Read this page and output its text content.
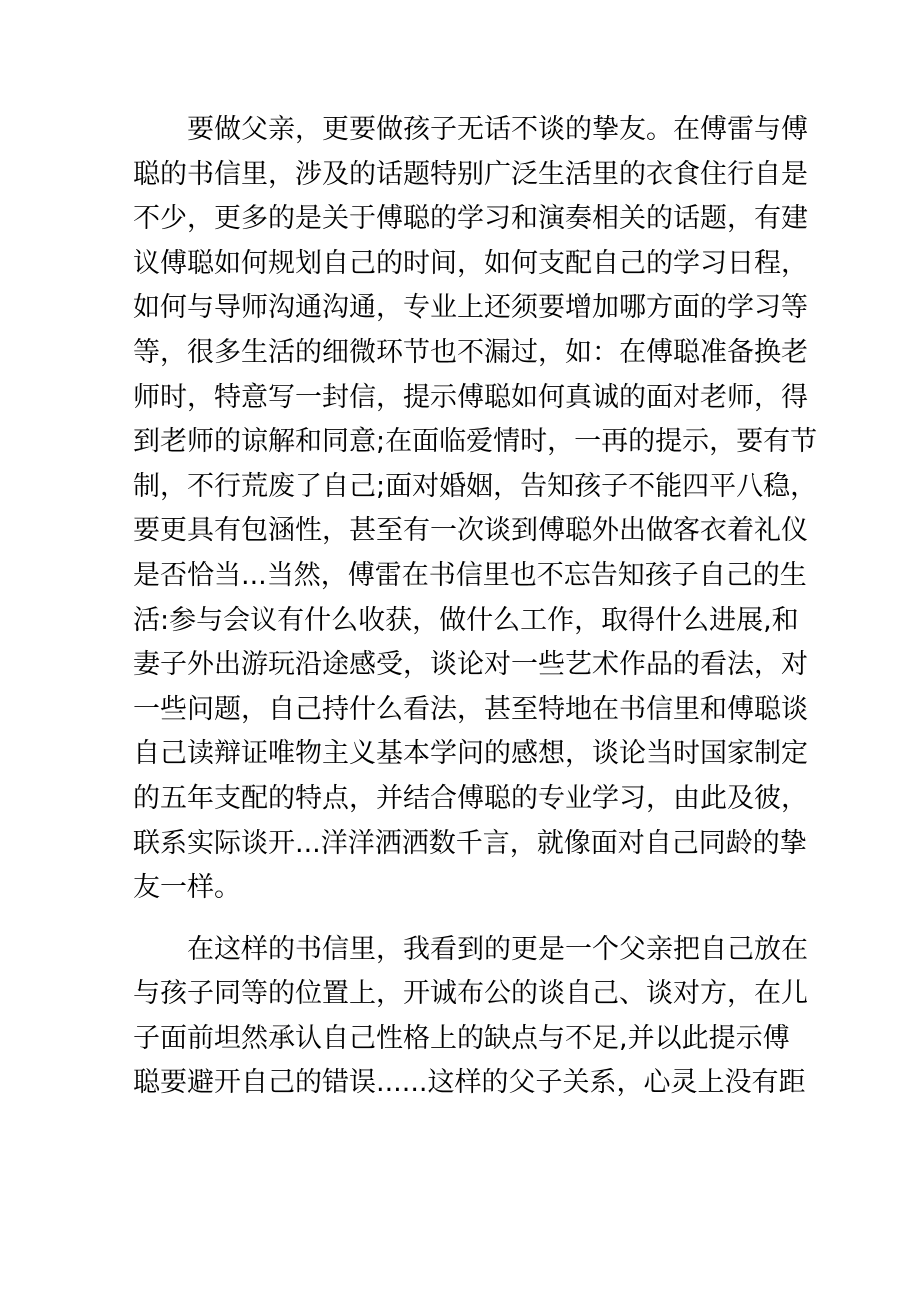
要做父亲，更要做孩子无话不谈的挚友。在傅雷与傅
聪的书信里，涉及的话题特别广泛生活里的衣食住行自是
不少，更多的是关于傅聪的学习和演奏相关的话题，有建
议傅聪如何规划自己的时间，如何支配自己的学习日程，
如何与导师沟通沟通，专业上还须要增加哪方面的学习等
等，很多生活的细微环节也不漏过，如：在傅聪准备换老
师时，特意写一封信，提示傅聪如何真诚的面对老师，得
到老师的谅解和同意;在面临爱情时，一再的提示，要有节
制，不行荒废了自己;面对婚姻，告知孩子不能四平八稳，
要更具有包涵性，甚至有一次谈到傅聪外出做客衣着礼仪
是否恰当...当然，傅雷在书信里也不忘告知孩子自己的生
活:参与会议有什么收获，做什么工作，取得什么进展,和
妻子外出游玩沿途感受，谈论对一些艺术作品的看法，对
一些问题，自己持什么看法，甚至特地在书信里和傅聪谈
自己读辩证唯物主义基本学问的感想，谈论当时国家制定
的五年支配的特点，并结合傅聪的专业学习，由此及彼，
联系实际谈开...洋洋洒洒数千言，就像面对自己同龄的挚
友一样。
在这样的书信里，我看到的更是一个父亲把自己放在
与孩子同等的位置上，开诚布公的谈自己、谈对方，在儿
子面前坦然承认自己性格上的缺点与不足,并以此提示傅
聪要避开自己的错误......这样的父子关系，心灵上没有距
